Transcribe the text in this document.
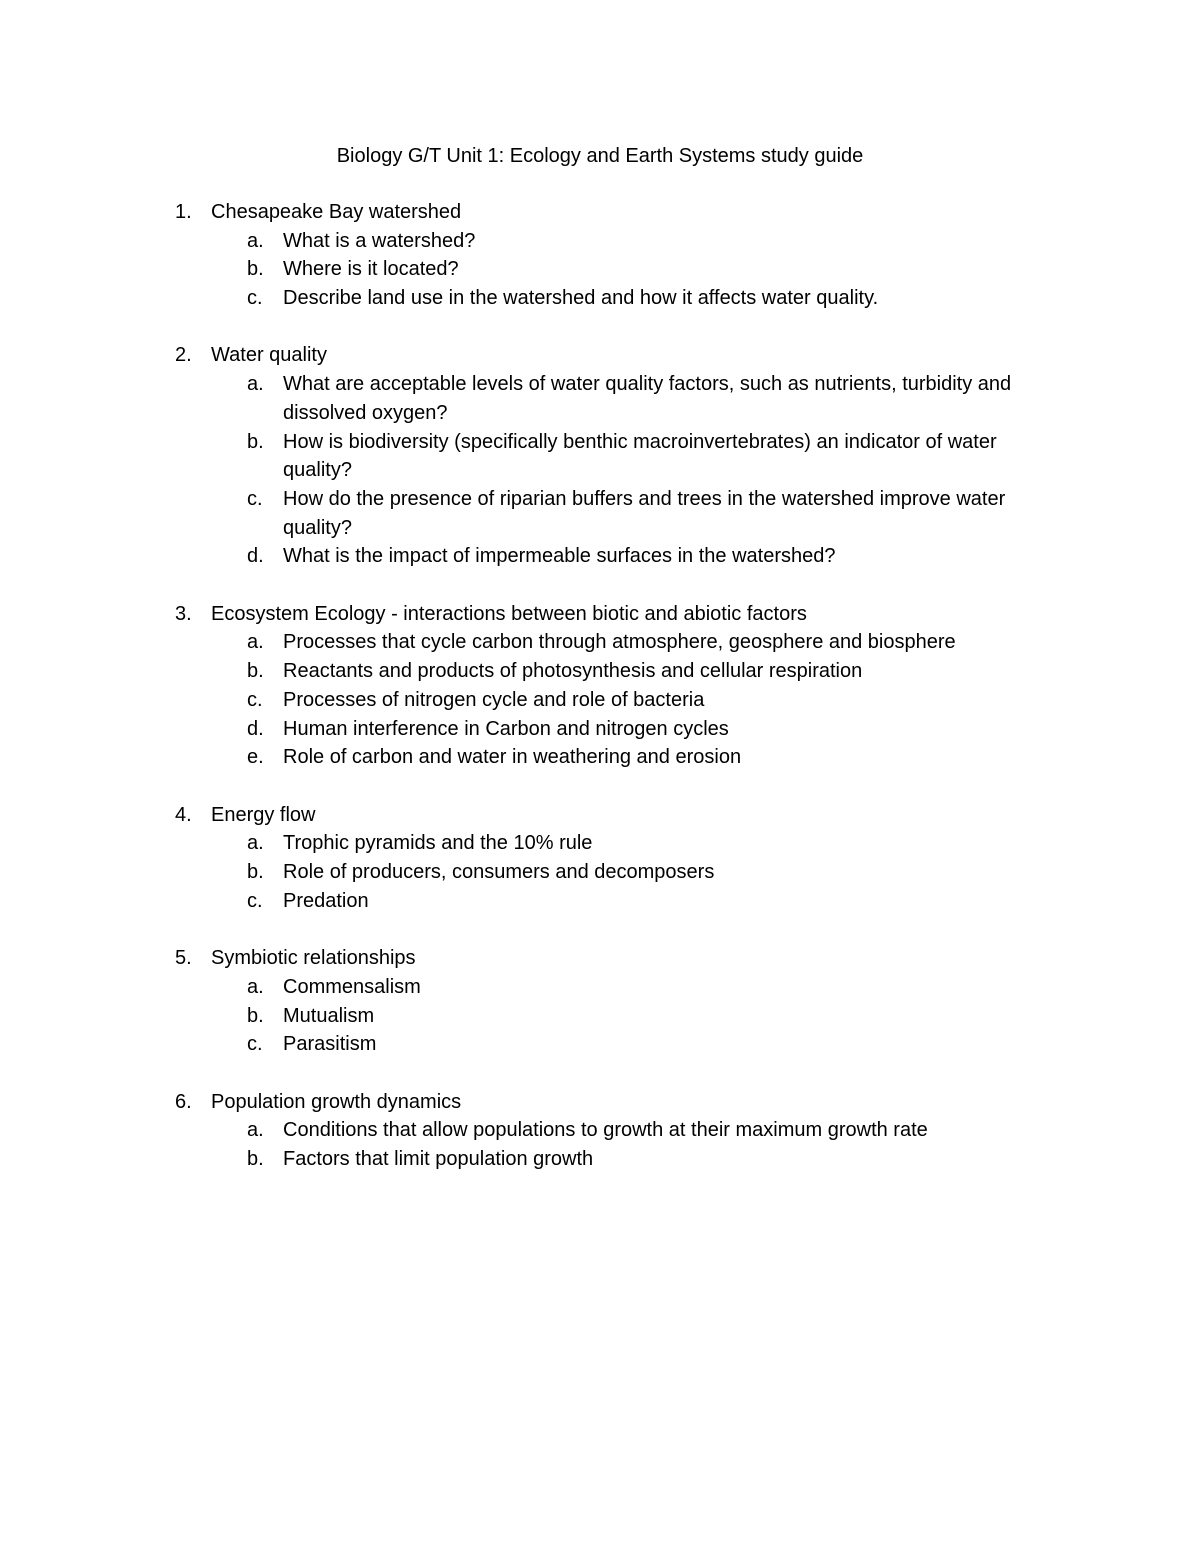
Biology G/T Unit 1: Ecology and Earth Systems study guide
1. Chesapeake Bay watershed
a. What is a watershed?
b. Where is it located?
c.	Describe land use in the watershed and how it affects water quality.
2. Water quality
a. What are acceptable levels of water quality factors, such as nutrients, turbidity and dissolved oxygen?
b. How is biodiversity (specifically benthic macroinvertebrates) an indicator of water quality?
c.	How do the presence of riparian buffers and trees in the watershed improve water quality?
d. What is the impact of impermeable surfaces in the watershed?
3. Ecosystem Ecology - interactions between biotic and abiotic factors
a. Processes that cycle carbon through atmosphere, geosphere and biosphere
b. Reactants and products of photosynthesis and cellular respiration
c.	Processes of nitrogen cycle and role of bacteria
d. Human interference in Carbon and nitrogen cycles
e. Role of carbon and water in weathering and erosion
4. Energy flow
a. Trophic pyramids and the 10% rule
b. Role of producers, consumers and decomposers
c.	Predation
5. Symbiotic relationships
a. Commensalism
b. Mutualism
c.	Parasitism
6. Population growth dynamics
a. Conditions that allow populations to growth at their maximum growth rate
b. Factors that limit population growth
